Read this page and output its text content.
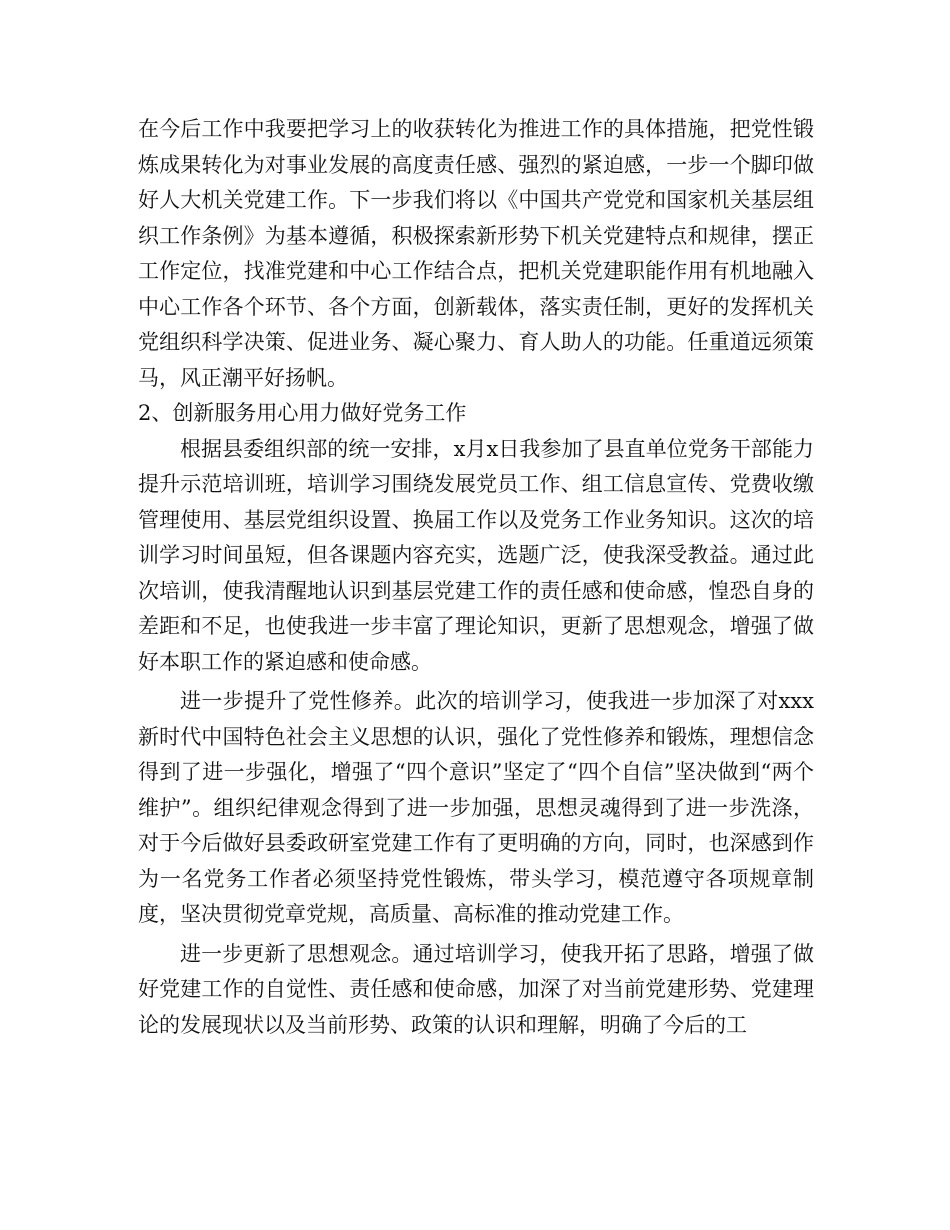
在今后工作中我要把学习上的收获转化为推进工作的具体措施，把党性锻炼成果转化为对事业发展的高度责任感、强烈的紧迫感，一步一个脚印做好人大机关党建工作。下一步我们将以《中国共产党党和国家机关基层组织工作条例》为基本遵循，积极探索新形势下机关党建特点和规律，摆正工作定位，找准党建和中心工作结合点，把机关党建职能作用有机地融入中心工作各个环节、各个方面，创新载体，落实责任制，更好的发挥机关党组织科学决策、促进业务、凝心聚力、育人助人的功能。任重道远须策马，风正潮平好扬帆。

2、创新服务用心用力做好党务工作

根据县委组织部的统一安排，x月x日我参加了县直单位党务干部能力提升示范培训班，培训学习围绕发展党员工作、组工信息宣传、党费收缴管理使用、基层党组织设置、换届工作以及党务工作业务知识。这次的培训学习时间虽短，但各课题内容充实，选题广泛，使我深受教益。通过此次培训，使我清醒地认识到基层党建工作的责任感和使命感，惶恐自身的差距和不足，也使我进一步丰富了理论知识，更新了思想观念，增强了做好本职工作的紧迫感和使命感。

进一步提升了党性修养。此次的培训学习，使我进一步加深了对xxx新时代中国特色社会主义思想的认识，强化了党性修养和锻炼，理想信念得到了进一步强化，增强了“四个意识”坚定了“四个自信”坚决做到“两个维护”。组织纪律观念得到了进一步加强，思想灵魂得到了进一步洗涤，对于今后做好县委政研室党建工作有了更明确的方向，同时，也深感到作为一名党务工作者必须坚持党性锻炼，带头学习，模范遵守各项规章制度，坚决贯彻党章党规，高质量、高标准的推动党建工作。

进一步更新了思想观念。通过培训学习，使我开拓了思路，增强了做好党建工作的自觉性、责任感和使命感，加深了对当前党建形势、党建理论的发展现状以及当前形势、政策的认识和理解，明确了今后的工
